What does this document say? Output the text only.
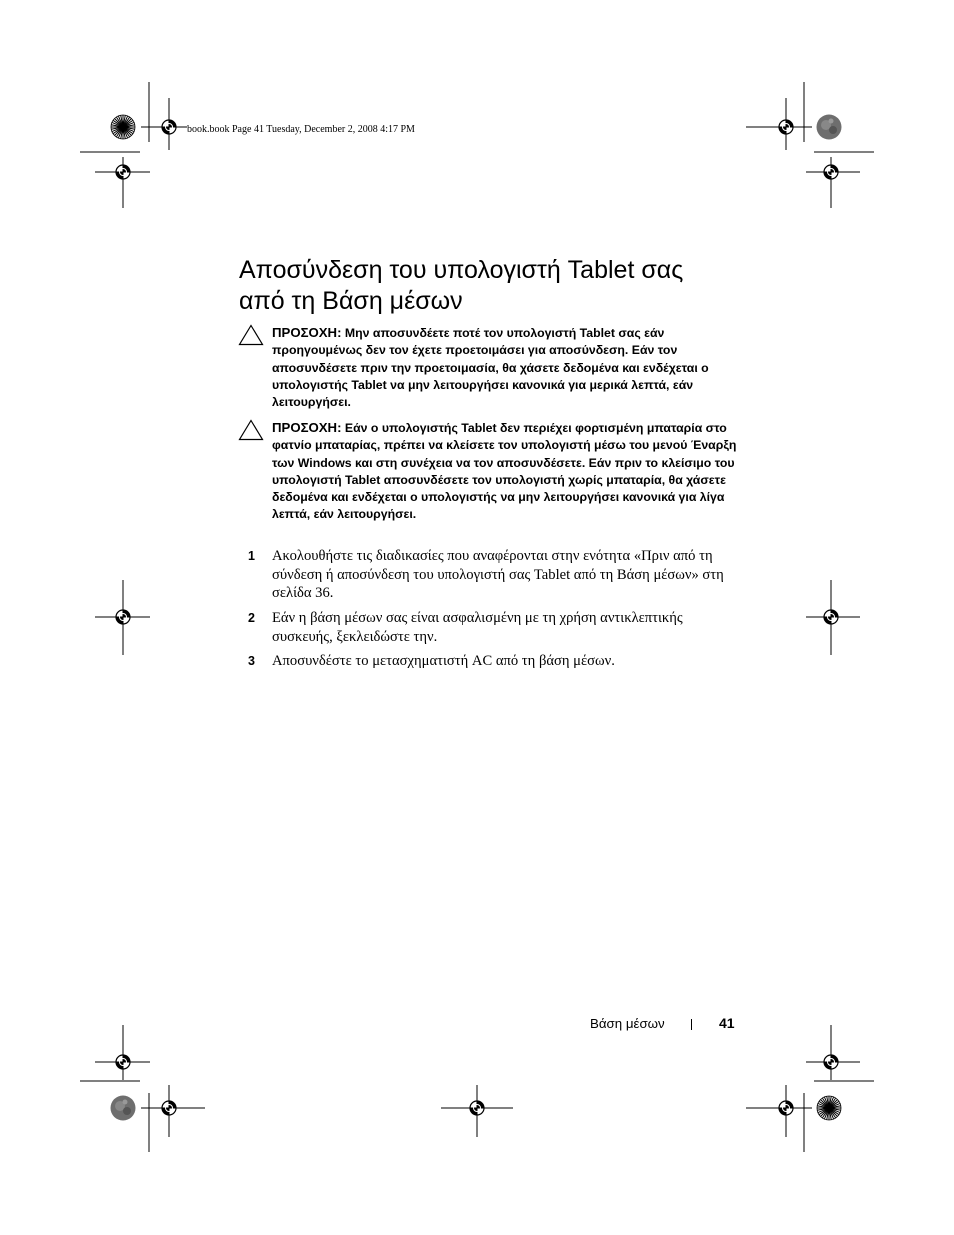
book.book Page 41 Tuesday, December 2, 2008 4:17 PM
Αποσύνδεση του υπολογιστή Tablet σας
από τη Βάση μέσων
ΠΡΟΣΟΧΗ: Μην αποσυνδέετε ποτέ τον υπολογιστή Tablet σας εάν προηγουμένως δεν τον έχετε προετοιμάσει για αποσύνδεση. Εάν τον αποσυνδέσετε πριν την προετοιμασία, θα χάσετε δεδομένα και ενδέχεται ο υπολογιστής Tablet να μην λειτουργήσει κανονικά για μερικά λεπτά, εάν λειτουργήσει.
ΠΡΟΣΟΧΗ: Εάν ο υπολογιστής Tablet δεν περιέχει φορτισμένη μπαταρία στο φατνίο μπαταρίας, πρέπει να κλείσετε τον υπολογιστή μέσω του μενού Έναρξη των Windows και στη συνέχεια να τον αποσυνδέσετε. Εάν πριν το κλείσιμο του υπολογιστή Tablet αποσυνδέσετε τον υπολογιστή χωρίς μπαταρία, θα χάσετε δεδομένα και ενδέχεται ο υπολογιστής να μην λειτουργήσει κανονικά για λίγα λεπτά, εάν λειτουργήσει.
1 Ακολουθήστε τις διαδικασίες που αναφέρονται στην ενότητα «Πριν από τη σύνδεση ή αποσύνδεση του υπολογιστή σας Tablet από τη Βάση μέσων» στη σελίδα 36.
2 Εάν η βάση μέσων σας είναι ασφαλισμένη με τη χρήση αντικλεπτικής συσκευής, ξεκλειδώστε την.
3 Αποσυνδέστε το μετασχηματιστή AC από τη βάση μέσων.
Βάση μέσων	41
